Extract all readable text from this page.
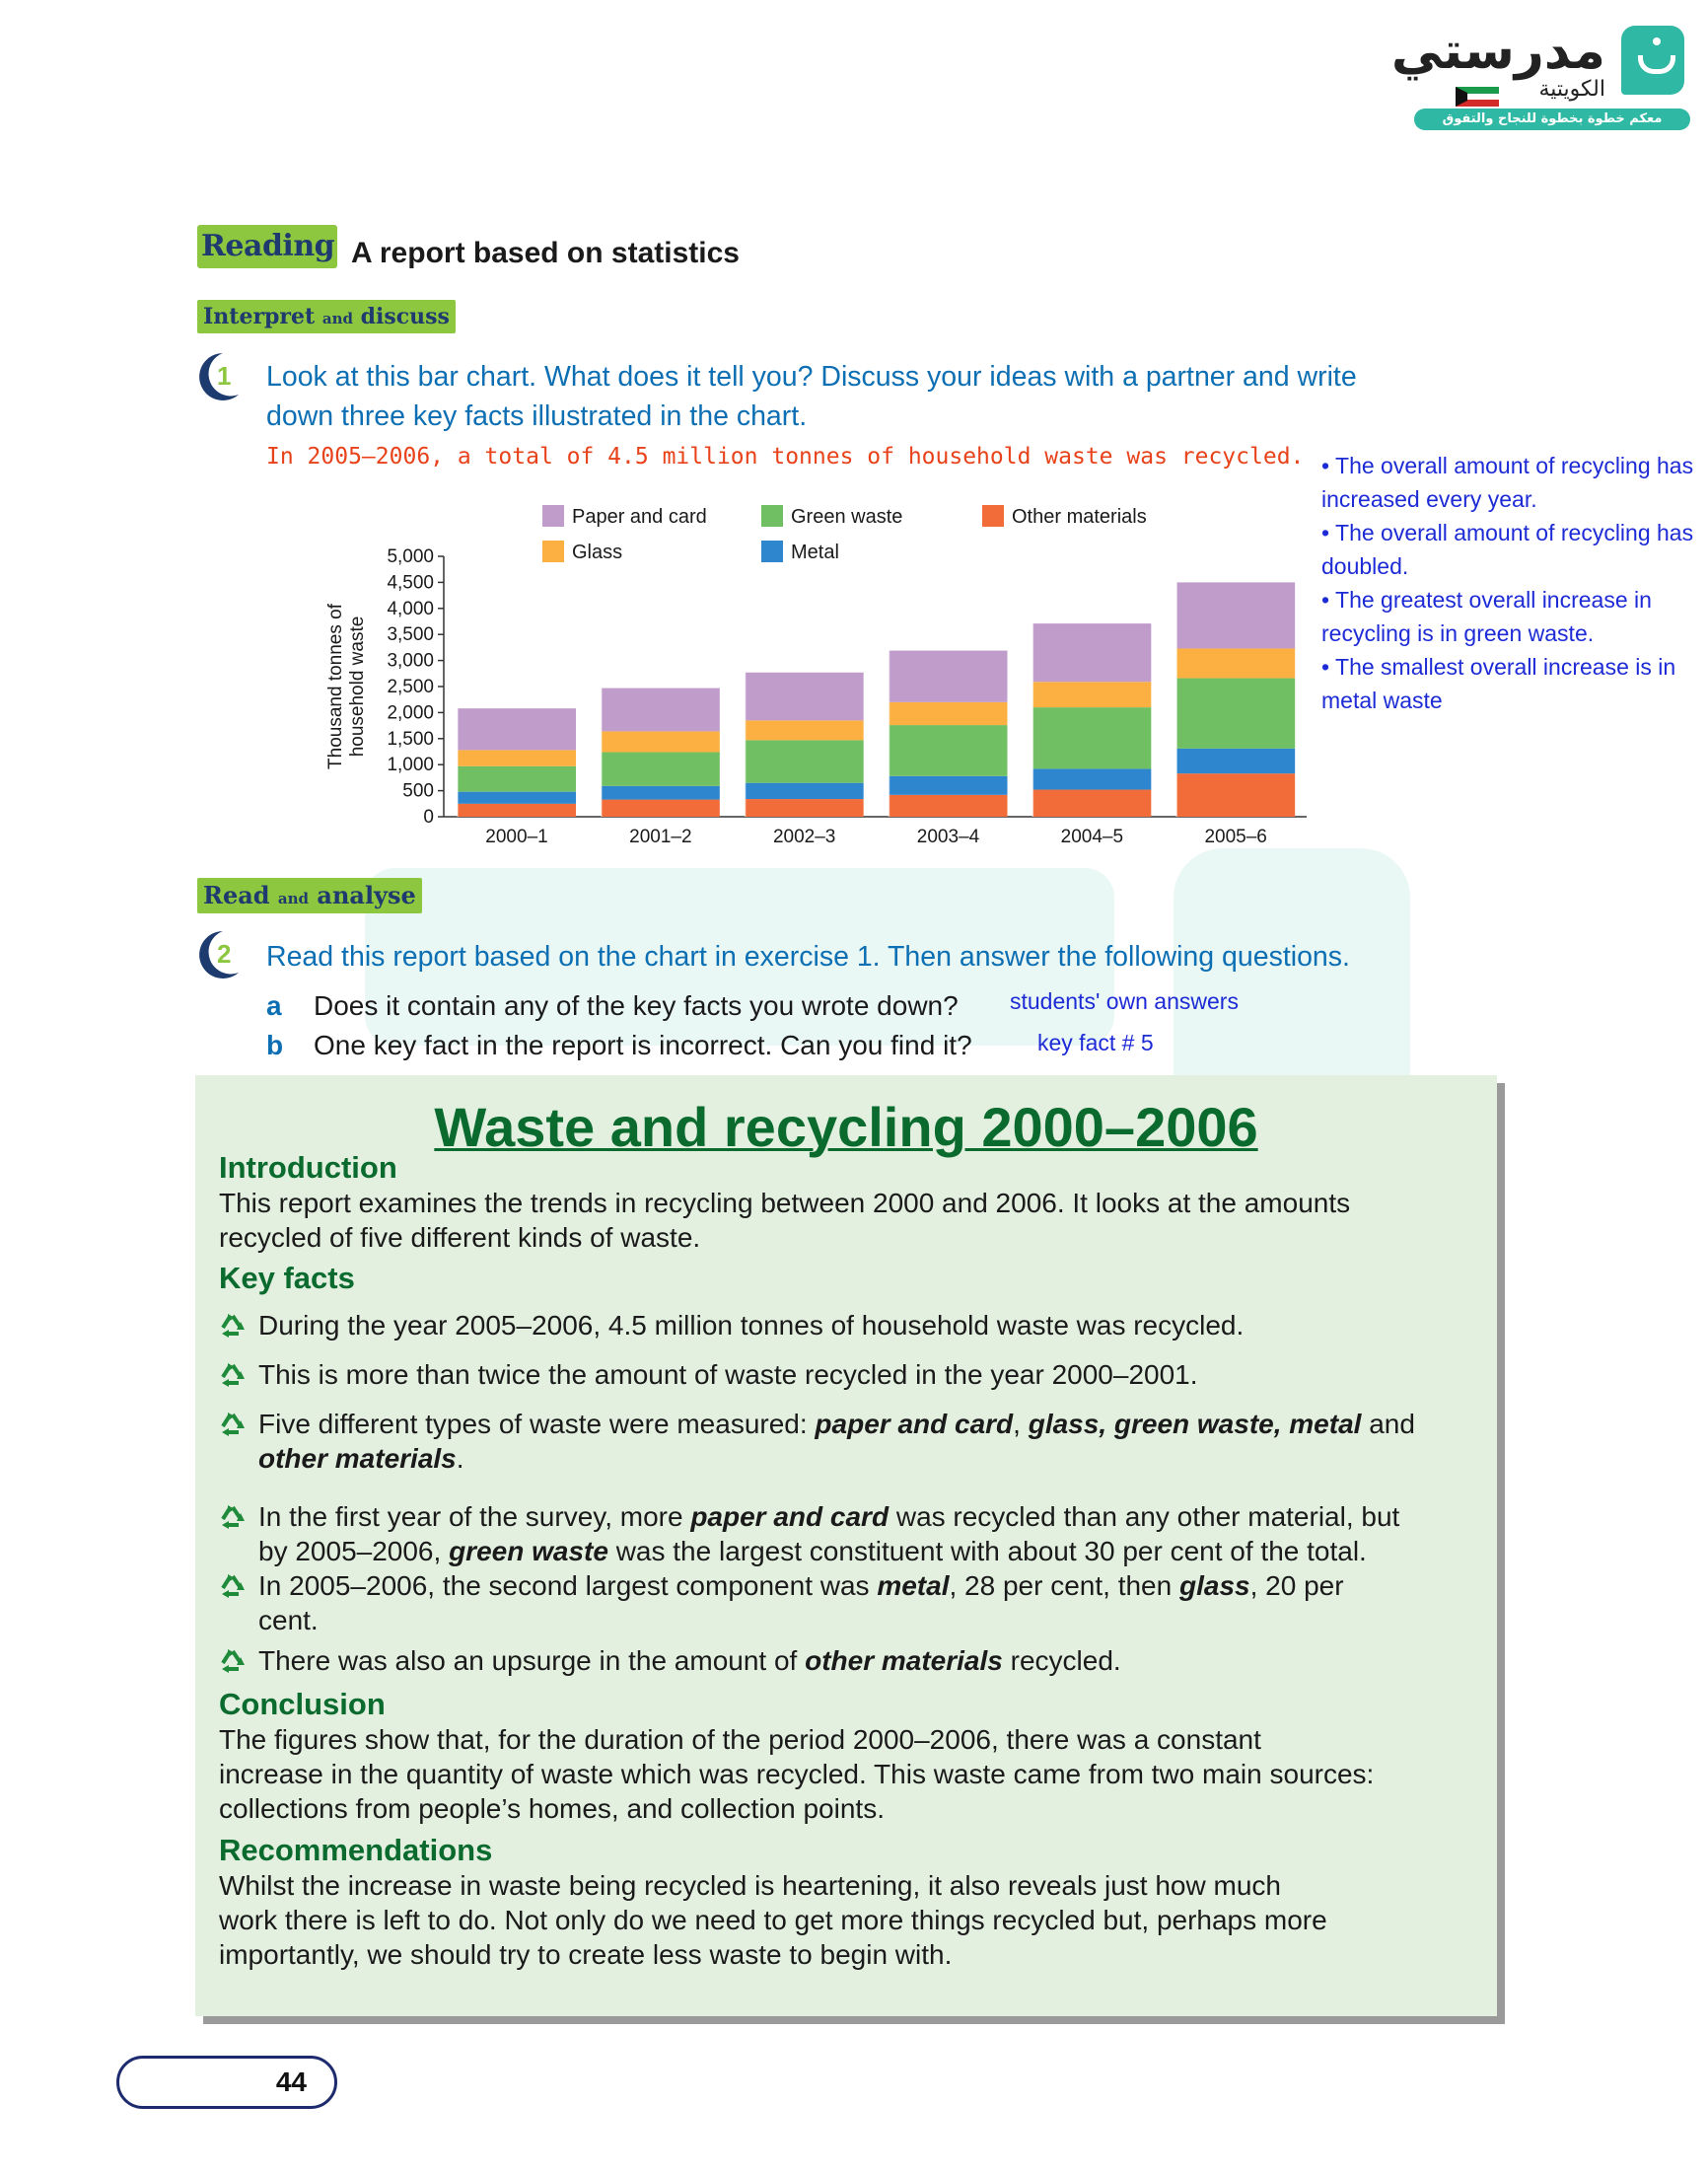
مدرستي
الكويتية
معكم خطوة بخطوة للنجاح والتفوق
Reading A report based on statistics
Interpret and discuss
1 Look at this bar chart. What does it tell you? Discuss your ideas with a partner and write
down three key facts illustrated in the chart.
In 2005–2006, a total of 4.5 million tonnes of household waste was recycled. • The overall amount of recycling has
increased every year.
• The overall amount of recycling has
doubled.
• The greatest overall increase in
recycling is in green waste.
• The smallest overall increase is in
metal waste
Paper and card	Green waste	Other materials
Glass	Metal
0
500
1,000
1,500
2,000
2,500
3,000
3,500
4,000
4,500
5,000
2000–1	2001–2	2002–3	2003–4	2004–5	2005–6
Thousand tonnes of household waste
Read and analyse
2 Read this report based on the chart in exercise 1. Then answer the following questions.
a Does it contain any of the key facts you wrote down? students' own answers
b One key fact in the report is incorrect. Can you find it?	key fact # 5
Waste and recycling 2000–2006
Introduction
This report examines the trends in recycling between 2000 and 2006. It looks at the amounts
recycled of five different kinds of waste.
Key facts
During the year 2005–2006, 4.5 million tonnes of household waste was recycled.
This is more than twice the amount of waste recycled in the year 2000–2001.
Five different types of waste were measured: paper and card, glass, green waste, metal and
other materials.
In the first year of the survey, more paper and card was recycled than any other material, but
by 2005–2006, green waste was the largest constituent with about 30 per cent of the total.
In 2005–2006, the second largest component was metal, 28 per cent, then glass, 20 per
cent.
There was also an upsurge in the amount of other materials recycled.
Conclusion
The figures show that, for the duration of the period 2000–2006, there was a constant
increase in the quantity of waste which was recycled. This waste came from two main sources:
collections from people’s homes, and collection points.
Recommendations
Whilst the increase in waste being recycled is heartening, it also reveals just how much
work there is left to do. Not only do we need to get more things recycled but, perhaps more
importantly, we should try to create less waste to begin with.
44
